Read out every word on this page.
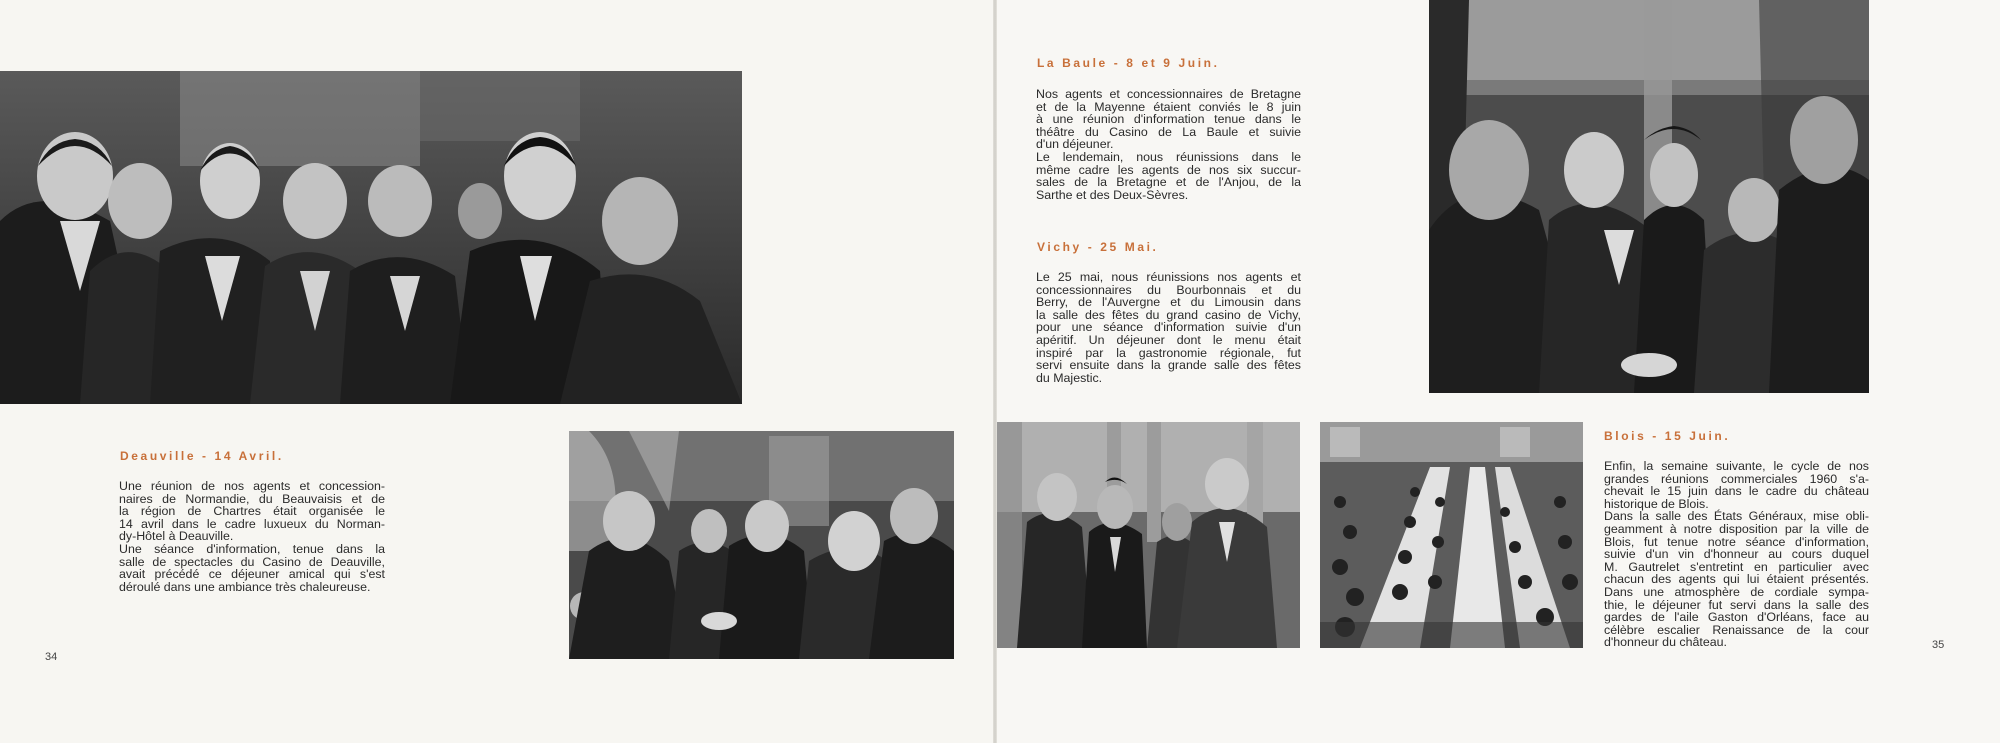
Deauville - 14 Avril.
Une réunion de nos agents et concession-
naires de Normandie, du Beauvaisis et de
la région de Chartres était organisée le
14 avril dans le cadre luxueux du Norman-
dy-Hôtel à Deauville.
Une séance d'information, tenue dans la
salle de spectacles du Casino de Deauville,
avait précédé ce déjeuner amical qui s'est
déroulé dans une ambiance très chaleureuse.
34
La Baule - 8 et 9 Juin.
Nos agents et concessionnaires de Bretagne
et de la Mayenne étaient conviés le 8 juin
à une réunion d'information tenue dans le
théâtre du Casino de La Baule et suivie
d'un déjeuner.
Le lendemain, nous réunissions dans le
même cadre les agents de nos six succur-
sales de la Bretagne et de l'Anjou, de la
Sarthe et des Deux-Sèvres.
Vichy - 25 Mai.
Le 25 mai, nous réunissions nos agents et
concessionnaires du Bourbonnais et du
Berry, de l'Auvergne et du Limousin dans
la salle des fêtes du grand casino de Vichy,
pour une séance d'information suivie d'un
apéritif. Un déjeuner dont le menu était
inspiré par la gastronomie régionale, fut
servi ensuite dans la grande salle des fêtes
du Majestic.
Blois - 15 Juin.
Enfin, la semaine suivante, le cycle de nos
grandes réunions commerciales 1960 s'a-
chevait le 15 juin dans le cadre du château
historique de Blois.
Dans la salle des États Généraux, mise obli-
geamment à notre disposition par la ville de
Blois, fut tenue notre séance d'information,
suivie d'un vin d'honneur au cours duquel
M. Gautrelet s'entretint en particulier avec
chacun des agents qui lui étaient présentés.
Dans une atmosphère de cordiale sympa-
thie, le déjeuner fut servi dans la salle des
gardes de l'aile Gaston d'Orléans, face au
célèbre escalier Renaissance de la cour
d'honneur du château.	35
